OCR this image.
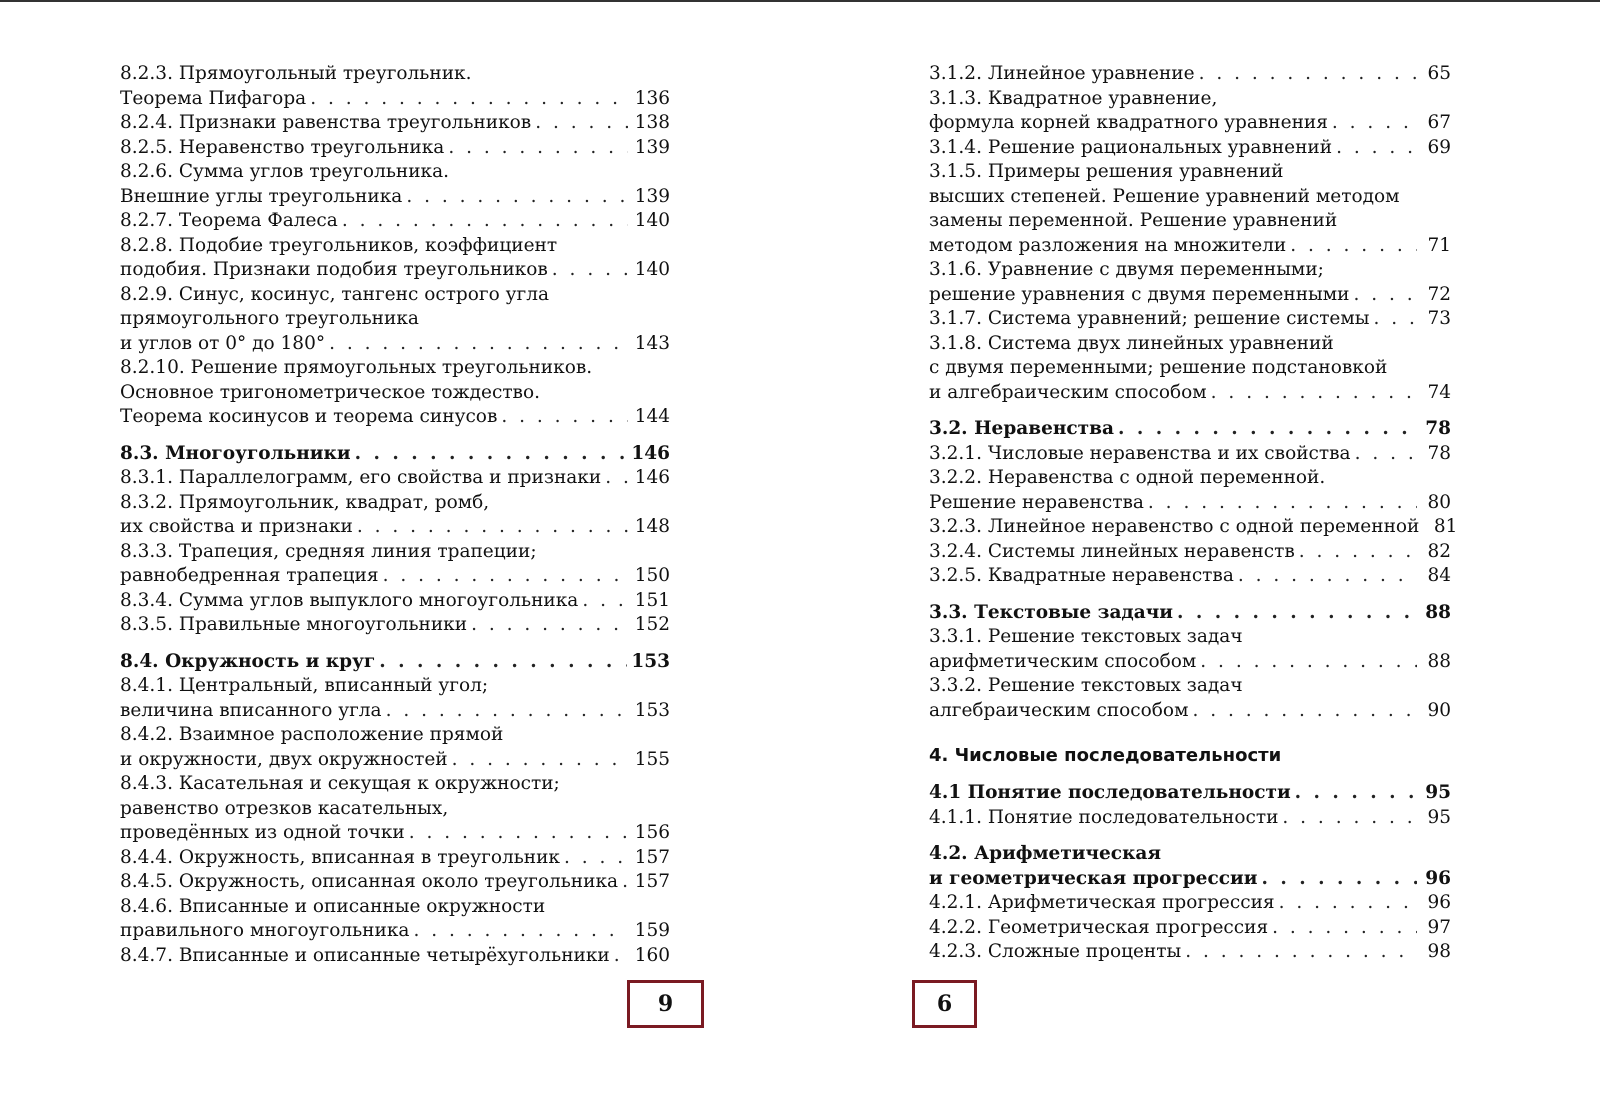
8.2.3. Прямоугольный треугольник.
Теорема Пифагора . . .	136
8.2.4. Признаки равенства треугольников . . .	138
8.2.5. Неравенство треугольника . . .	139
8.2.6. Сумма углов треугольника.
Внешние углы треугольника . . .	139
8.2.7. Теорема Фалеса . . .	140
8.2.8. Подобие треугольников, коэффициент
подобия. Признаки подобия треугольников . . .	140
8.2.9. Синус, косинус, тангенс острого угла
прямоугольного треугольника
и углов от 0° до 180° . . .	143
8.2.10. Решение прямоугольных треугольников.
Основное тригонометрическое тождество.
Теорема косинусов и теорема синусов . . .	144
8.3. Многоугольники . . .	146
8.3.1. Параллелограмм, его свойства и признаки . . . 146
8.3.2. Прямоугольник, квадрат, ромб,
их свойства и признаки . . .	148
8.3.3. Трапеция, средняя линия трапеции;
равнобедренная трапеция . . .	150
8.3.4. Сумма углов выпуклого многоугольника . . .	151
8.3.5. Правильные многоугольники . . .	152
8.4. Окружность и круг . . .	153
8.4.1. Центральный, вписанный угол;
величина вписанного угла . . .	153
8.4.2. Взаимное расположение прямой
и окружности, двух окружностей . . .	155
8.4.3. Касательная и секущая к окружности;
равенство отрезков касательных,
проведённых из одной точки . . .	156
8.4.4. Окружность, вписанная в треугольник . . .	157
8.4.5. Окружность, описанная около треугольника . . . 157
8.4.6. Вписанные и описанные окружности
правильного многоугольника . . .	159
8.4.7. Вписанные и описанные четырёхугольники . . . 160
3.1.2. Линейное уравнение . . .	65
3.1.3. Квадратное уравнение,
формула корней квадратного уравнения . . .	67
3.1.4. Решение рациональных уравнений . . .	69
3.1.5. Примеры решения уравнений
высших степеней. Решение уравнений методом
замены переменной. Решение уравнений
методом разложения на множители . . .	71
3.1.6. Уравнение с двумя переменными;
решение уравнения с двумя переменными . . .	72
3.1.7. Система уравнений; решение системы . . .	73
3.1.8. Система двух линейных уравнений
с двумя переменными; решение подстановкой
и алгебраическим способом . . .	74
3.2. Неравенства . . .	78
3.2.1. Числовые неравенства и их свойства . . .	78
3.2.2. Неравенства с одной переменной.
Решение неравенства . . .	80
3.2.3. Линейное неравенство с одной переменной 81
3.2.4. Системы линейных неравенств . . .	82
3.2.5. Квадратные неравенства . . .	84
3.3. Текстовые задачи . . .	88
3.3.1. Решение текстовых задач
арифметическим способом . . .	88
3.3.2. Решение текстовых задач
алгебраическим способом . . .	90
4. Числовые последовательности
4.1 Понятие последовательности . . .	95
4.1.1. Понятие последовательности . . .	95
4.2. Арифметическая
и геометрическая прогрессии . . .	96
4.2.1. Арифметическая прогрессия . . .	96
4.2.2. Геометрическая прогрессия . . .	97
4.2.3. Сложные проценты . . .	98
9	6
